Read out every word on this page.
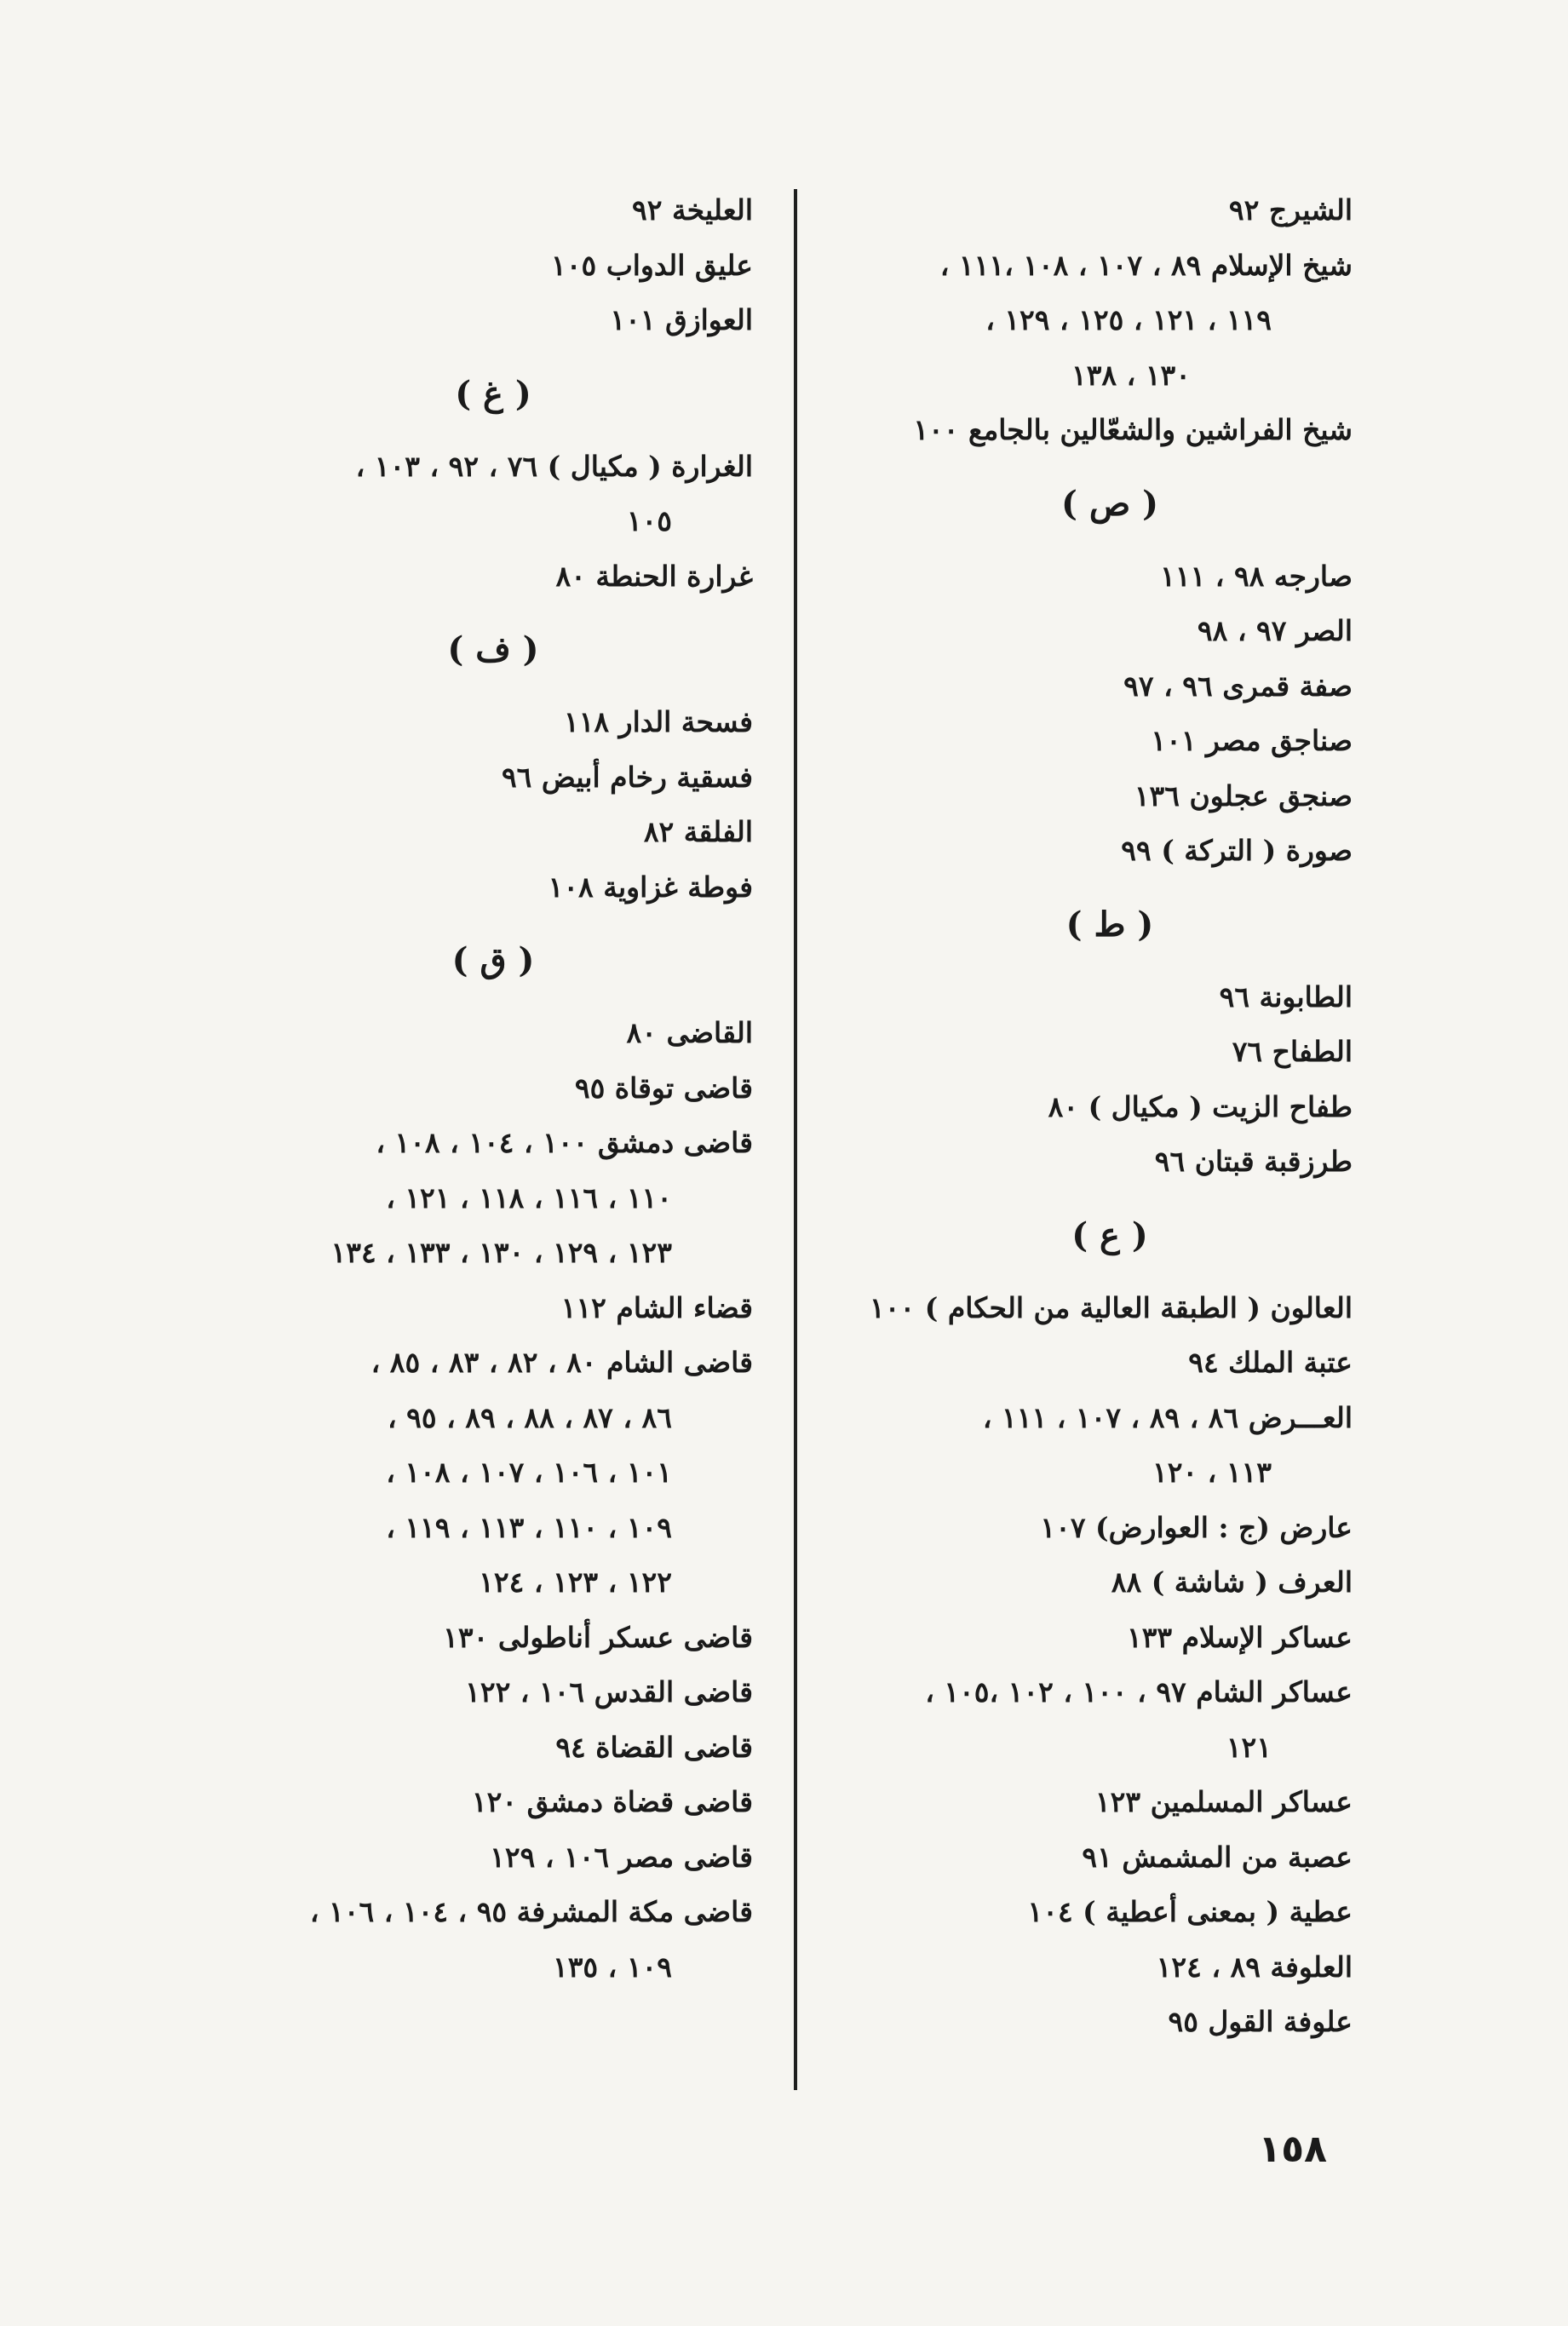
الشيرج ٩٢
شيخ الإسلام ٨٩ ، ١٠٧ ، ١٠٨ ،١١١ ،
١١٩ ، ١٢١ ، ١٢٥ ، ١٢٩ ،
١٣٠ ، ١٣٨
شيخ الفراشين والشعّالين بالجامع ١٠٠
( ص )
صارجه ٩٨ ، ١١١
الصر ٩٧ ، ٩٨
صفة قمرى ٩٦ ، ٩٧
صناجق مصر ١٠١
صنجق عجلون ١٣٦
صورة ( التركة ) ٩٩
( ط )
الطابونة ٩٦
الطفاح ٧٦
طفاح الزيت ( مكيال ) ٨٠
طرزقبة قبتان ٩٦
( ع )
العالون ( الطبقة العالية من الحكام ) ١٠٠
عتبة الملك ٩٤
العـــرض ٨٦ ، ٨٩ ، ١٠٧ ، ١١١ ،
١١٣ ، ١٢٠
عارض (ج : العوارض) ١٠٧
العرف ( شاشة ) ٨٨
عساكر الإسلام ١٣٣
عساكر الشام ٩٧ ، ١٠٠ ، ١٠٢ ،١٠٥ ،
١٢١
عساكر المسلمين ١٢٣
عصبة من المشمش ٩١
عطية ( بمعنى أعطية ) ١٠٤
العلوفة ٨٩ ، ١٢٤
علوفة القول ٩٥
العليخة ٩٢
عليق الدواب ١٠٥
العوازق ١٠١
( غ )
الغرارة ( مكيال ) ٧٦ ، ٩٢ ، ١٠٣ ،
١٠٥
غرارة الحنطة ٨٠
( ف )
فسحة الدار ١١٨
فسقية رخام أبيض ٩٦
الفلقة ٨٢
فوطة غزاوية ١٠٨
( ق )
القاضى ٨٠
قاضى توقاة ٩٥
قاضى دمشق ١٠٠ ، ١٠٤ ، ١٠٨ ،
١١٠ ، ١١٦ ، ١١٨ ، ١٢١ ،
١٢٣ ، ١٢٩ ، ١٣٠ ، ١٣٣ ، ١٣٤
قضاء الشام ١١٢
قاضى الشام ٨٠ ، ٨٢ ، ٨٣ ، ٨٥ ،
٨٦ ، ٨٧ ، ٨٨ ، ٨٩ ، ٩٥ ،
١٠١ ، ١٠٦ ، ١٠٧ ، ١٠٨ ،
١٠٩ ، ١١٠ ، ١١٣ ، ١١٩ ،
١٢٢ ، ١٢٣ ، ١٢٤
قاضى عسكر أناطولى ١٣٠
قاضى القدس ١٠٦ ، ١٢٢
قاضى القضاة ٩٤
قاضى قضاة دمشق ١٢٠
قاضى مصر ١٠٦ ، ١٢٩
قاضى مكة المشرفة ٩٥ ، ١٠٤ ، ١٠٦ ،
١٠٩ ، ١٣٥
١٥٨
